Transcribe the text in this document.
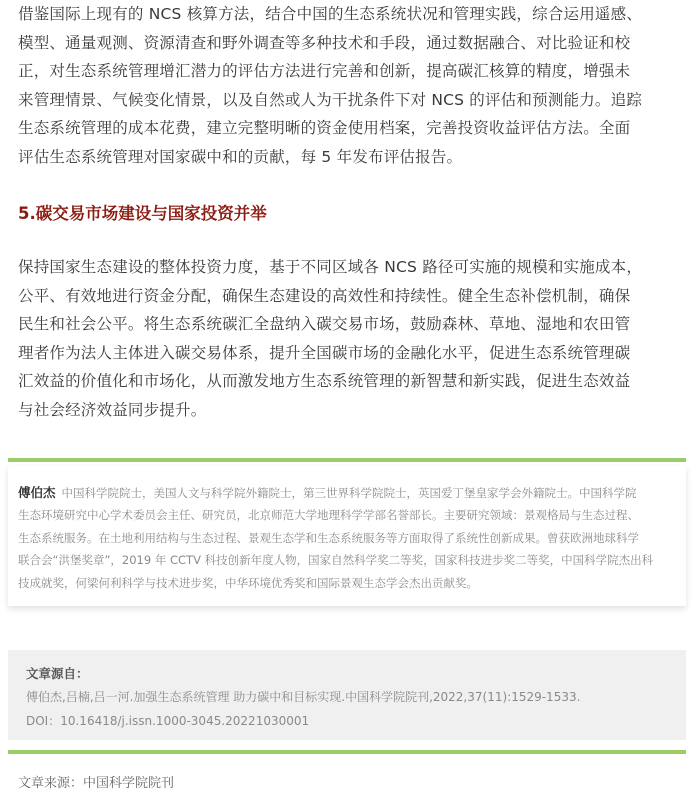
借鉴国际上现有的 NCS 核算方法，结合中国的生态系统状况和管理实践，综合运用遥感、
模型、通量观测、资源清查和野外调查等多种技术和手段，通过数据融合、对比验证和校
正，对生态系统管理增汇潜力的评估方法进行完善和创新，提高碳汇核算的精度，增强未
来管理情景、气候变化情景，以及自然或人为干扰条件下对 NCS 的评估和预测能力。追踪
生态系统管理的成本花费，建立完整明晰的资金使用档案，完善投资收益评估方法。全面
评估生态系统管理对国家碳中和的贡献，每 5 年发布评估报告。
5.碳交易市场建设与国家投资并举
保持国家生态建设的整体投资力度，基于不同区域各 NCS 路径可实施的规模和实施成本，
公平、有效地进行资金分配，确保生态建设的高效性和持续性。健全生态补偿机制，确保
民生和社会公平。将生态系统碳汇全盘纳入碳交易市场，鼓励森林、草地、湿地和农田管
理者作为法人主体进入碳交易体系，提升全国碳市场的金融化水平，促进生态系统管理碳
汇效益的价值化和市场化，从而激发地方生态系统管理的新智慧和新实践，促进生态效益
与社会经济效益同步提升。
傅伯杰 中国科学院院士，美国人文与科学院外籍院士，第三世界科学院院士，英国爱丁堡皇家学会外籍院士。中国科学院
生态环境研究中心学术委员会主任、研究员，北京师范大学地理科学学部名誉部长。主要研究领域：景观格局与生态过程、
生态系统服务。在土地利用结构与生态过程、景观生态学和生态系统服务等方面取得了系统性创新成果。曾获欧洲地球科学
联合会“洪堡奖章”，2019 年 CCTV 科技创新年度人物，国家自然科学奖二等奖，国家科技进步奖二等奖，中国科学院杰出科
技成就奖，何梁何利科学与技术进步奖，中华环境优秀奖和国际景观生态学会杰出贡献奖。
文章源自：
傅伯杰,吕楠,吕一河.加强生态系统管理 助力碳中和目标实现.中国科学院院刊,2022,37(11):1529-1533.
DOI：10.16418/j.issn.1000-3045.20221030001
文章来源：中国科学院院刊
